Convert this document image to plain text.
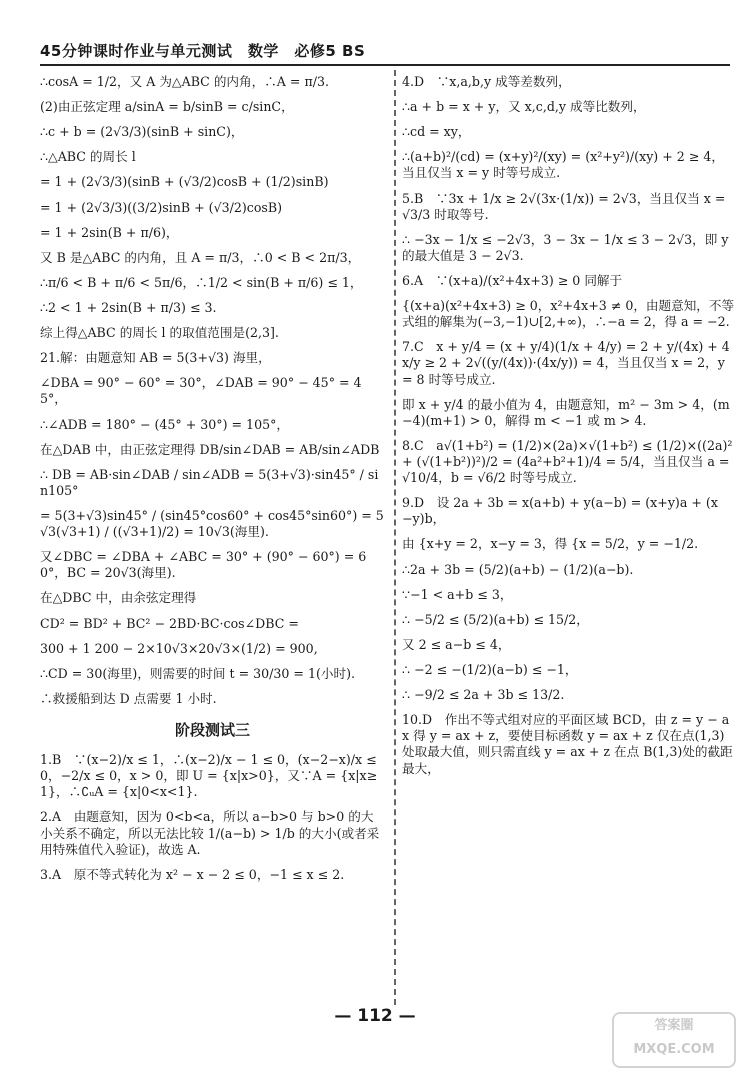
45分钟课时作业与单元测试　数学　必修5 BS
∴cosA = 1/2，又 A 为△ABC 的内角，∴A = π/3.
(2)由正弦定理 a/sinA = b/sinB = c/sinC，
∴c + b = (2√3/3)(sinB + sinC)，
∴△ABC 的周长 l
= 1 + (2√3/3)(sinB + (√3/2)cosB + (1/2)sinB)
= 1 + (2√3/3)((3/2)sinB + (√3/2)cosB)
= 1 + 2sin(B + π/6)，
又 B 是△ABC 的内角，且 A = π/3，∴0 < B < 2π/3，
∴π/6 < B + π/6 < 5π/6，∴1/2 < sin(B + π/6) ≤ 1，
∴2 < 1 + 2sin(B + π/3) ≤ 3.
综上得△ABC 的周长 l 的取值范围是(2,3].
21.解：由题意知 AB = 5(3+√3) 海里，
∠DBA = 90° − 60° = 30°，∠DAB = 90° − 45° = 45°，
∴∠ADB = 180° − (45° + 30°) = 105°，
在△DAB 中，由正弦定理得 DB/sin∠DAB = AB/sin∠ADB
∴ DB = AB·sin∠DAB / sin∠ADB = 5(3+√3)·sin45° / sin105°
= 5(3+√3)sin45° / (sin45°cos60° + cos45°sin60°) = 5√3(√3+1) / ((√3+1)/2) = 10√3(海里).
又∠DBC = ∠DBA + ∠ABC = 30° + (90° − 60°) = 60°，BC = 20√3(海里).
在△DBC 中，由余弦定理得
CD² = BD² + BC² − 2BD·BC·cos∠DBC =
300 + 1 200 − 2×10√3×20√3×(1/2) = 900,
∴CD = 30(海里)，则需要的时间 t = 30/30 = 1(小时).
∴救援船到达 D 点需要 1 小时.
阶段测试三
1.B　∵(x−2)/x ≤ 1，∴(x−2)/x − 1 ≤ 0，(x−2−x)/x ≤ 0，−2/x ≤ 0，x > 0，即 U = {x|x>0}，又∵A = {x|x≥1}，∴∁ᵤA = {x|0<x<1}.
2.A　由题意知，因为 0<b<a，所以 a−b>0 与 b>0 的大小关系不确定，所以无法比较 1/(a−b) > 1/b 的大小(或者采用特殊值代入验证)，故选 A.
3.A　原不等式转化为 x² − x − 2 ≤ 0，−1 ≤ x ≤ 2.
4.D　∵x,a,b,y 成等差数列，
∴a + b = x + y，又 x,c,d,y 成等比数列，
∴cd = xy，
∴(a+b)²/(cd) = (x+y)²/(xy) = (x²+y²)/(xy) + 2 ≥ 4，当且仅当 x = y 时等号成立.
5.B　∵3x + 1/x ≥ 2√(3x·(1/x)) = 2√3，当且仅当 x = √3/3 时取等号.
∴ −3x − 1/x ≤ −2√3，3 − 3x − 1/x ≤ 3 − 2√3，即 y 的最大值是 3 − 2√3.
6.A　∵(x+a)/(x²+4x+3) ≥ 0 同解于
{(x+a)(x²+4x+3) ≥ 0，x²+4x+3 ≠ 0，由题意知，不等式组的解集为(−3,−1)∪[2,+∞)，∴−a = 2，得 a = −2.
7.C　x + y/4 = (x + y/4)(1/x + 4/y) = 2 + y/(4x) + 4x/y ≥ 2 + 2√((y/(4x))·(4x/y)) = 4，当且仅当 x = 2，y = 8 时等号成立.
即 x + y/4 的最小值为 4，由题意知，m² − 3m > 4，(m−4)(m+1) > 0，解得 m < −1 或 m > 4.
8.C　a√(1+b²) = (1/2)×(2a)×√(1+b²) ≤ (1/2)×((2a)² + (√(1+b²))²)/2 = (4a²+b²+1)/4 = 5/4，当且仅当 a = √10/4，b = √6/2 时等号成立.
9.D　设 2a + 3b = x(a+b) + y(a−b) = (x+y)a + (x−y)b，
由 {x+y = 2，x−y = 3，得 {x = 5/2，y = −1/2.
∴2a + 3b = (5/2)(a+b) − (1/2)(a−b).
∵−1 < a+b ≤ 3，
∴ −5/2 ≤ (5/2)(a+b) ≤ 15/2，
又 2 ≤ a−b ≤ 4，
∴ −2 ≤ −(1/2)(a−b) ≤ −1，
∴ −9/2 ≤ 2a + 3b ≤ 13/2.
10.D　作出不等式组对应的平面区域 BCD，由 z = y − ax 得 y = ax + z，要使目标函数 y = ax + z 仅在点(1,3)处取最大值，则只需直线 y = ax + z 在点 B(1,3)处的截距最大，
— 112 —	答案圈
MXQE.COM
